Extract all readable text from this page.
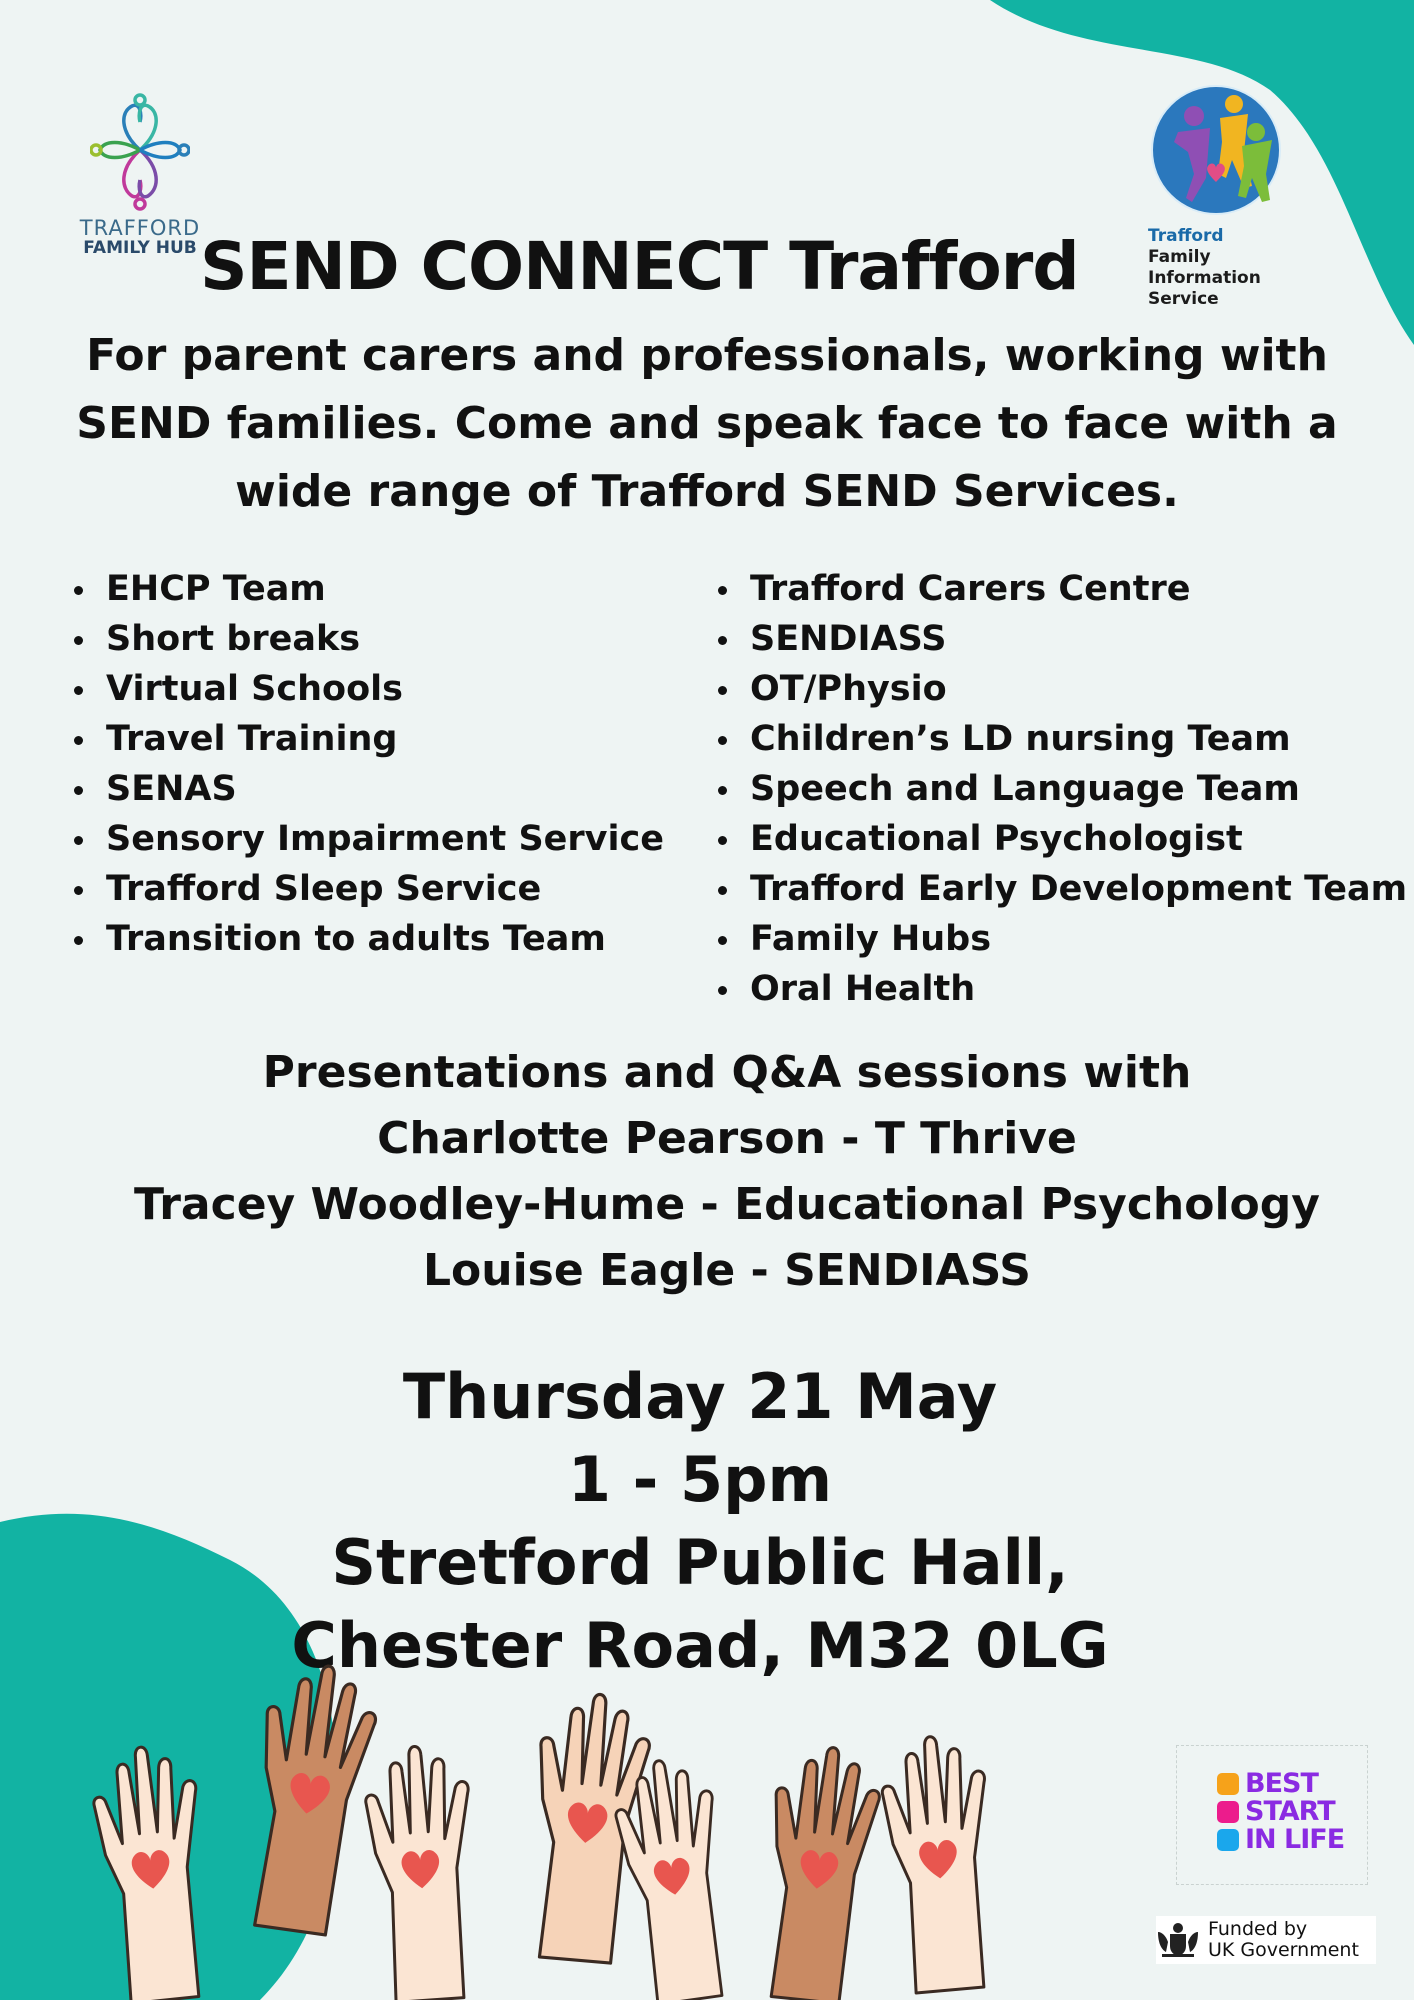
TRAFFORD
FAMILY HUB
Trafford
Family
Information
Service
SEND CONNECT Trafford
For parent carers and professionals, working with
SEND families. Come and speak face to face with a
wide range of Trafford SEND Services.
EHCP Team
Short breaks
Virtual Schools
Travel Training
SENAS
Sensory Impairment Service
Trafford Sleep Service
Transition to adults Team
Trafford Carers Centre
SENDIASS
OT/Physio
Children’s LD nursing Team
Speech and Language Team
Educational Psychologist
Trafford Early Development Team
Family Hubs
Oral Health
Presentations and Q&A sessions with
Charlotte Pearson - T Thrive
Tracey Woodley-Hume - Educational Psychology
Louise Eagle - SENDIASS
Thursday 21 May
1 - 5pm
Stretford Public Hall,
Chester Road, M32 0LG
BEST
START
IN LIFE
Funded by
UK Government
